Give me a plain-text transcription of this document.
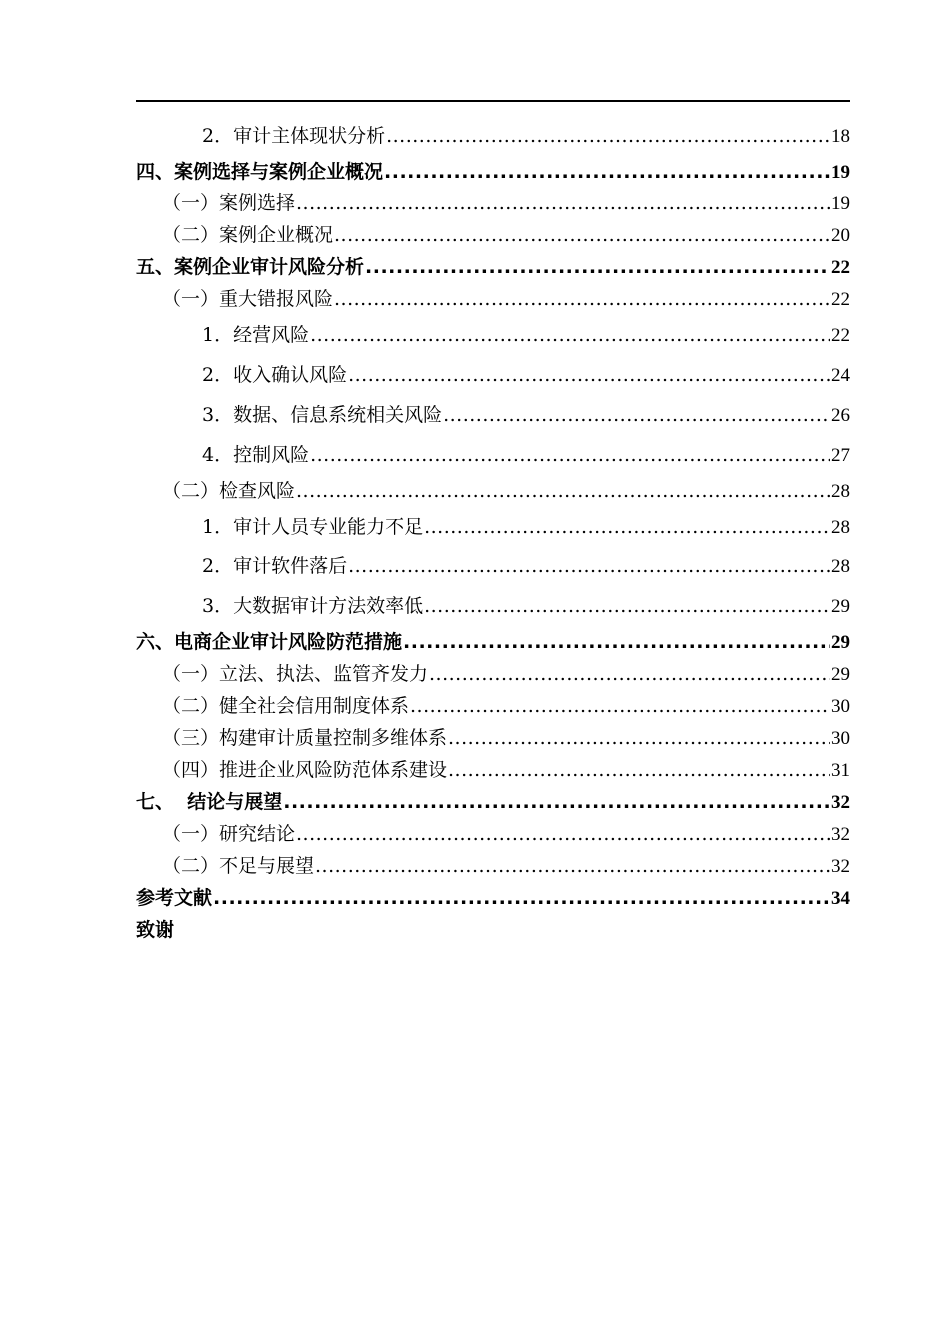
2．审计主体现状分析 .....	18
四、案例选择与案例企业概况 .....	19
（一）案例选择 .....	19
（二）案例企业概况 .....	20
五、案例企业审计风险分析 .....	22
（一）重大错报风险 .....	22
1．经营风险 .....	22
2．收入确认风险 .....	24
3．数据、信息系统相关风险 .....	26
4．控制风险 .....	27
（二）检查风险 .....	28
1．审计人员专业能力不足 .....	28
2．审计软件落后 .....	28
3．大数据审计方法效率低 .....	29
六、电商企业审计风险防范措施 .....	29
（一）立法、执法、监管齐发力 .....	29
（二）健全社会信用制度体系 .....	30
（三）构建审计质量控制多维体系 .....	30
（四）推进企业风险防范体系建设 .....	31
七、  结论与展望 .....	32
（一）研究结论 .....	32
（二）不足与展望 .....	32
参考文献 .....	34
致谢
